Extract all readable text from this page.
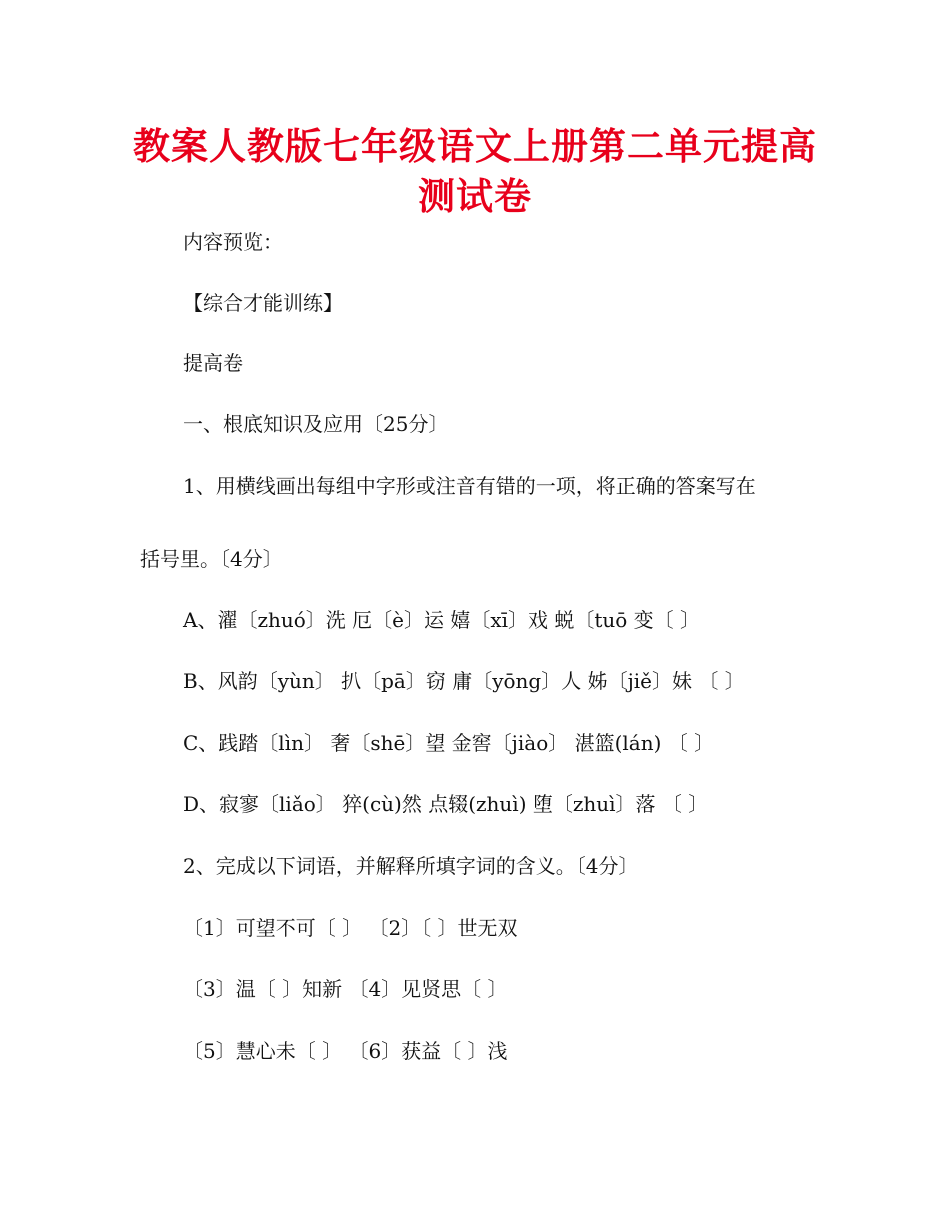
教案人教版七年级语文上册第二单元提高
测试卷
内容预览：
【综合才能训练】
提高卷
一、根底知识及应用〔25分〕
1、用横线画出每组中字形或注音有错的一项，将正确的答案写在
括号里。〔4分〕
A、濯〔zhuó〕洗 厄〔è〕运 嬉〔xī〕戏 蜕〔tuō 变〔 〕
B、风韵〔yùn〕 扒〔pā〕窃 庸〔yōng〕人 姊〔jiě〕妹 〔 〕
C、践踏〔lìn〕 奢〔shē〕望 金窖〔jiào〕 湛篮(lán) 〔 〕
D、寂寥〔liǎo〕 猝(cù)然 点辍(zhuì) 堕〔zhuì〕落 〔 〕
2、完成以下词语，并解释所填字词的含义。〔4分〕
〔1〕可望不可〔 〕 〔2〕〔 〕世无双
〔3〕温〔 〕知新 〔4〕见贤思〔 〕
〔5〕慧心未〔 〕 〔6〕获益〔 〕浅
